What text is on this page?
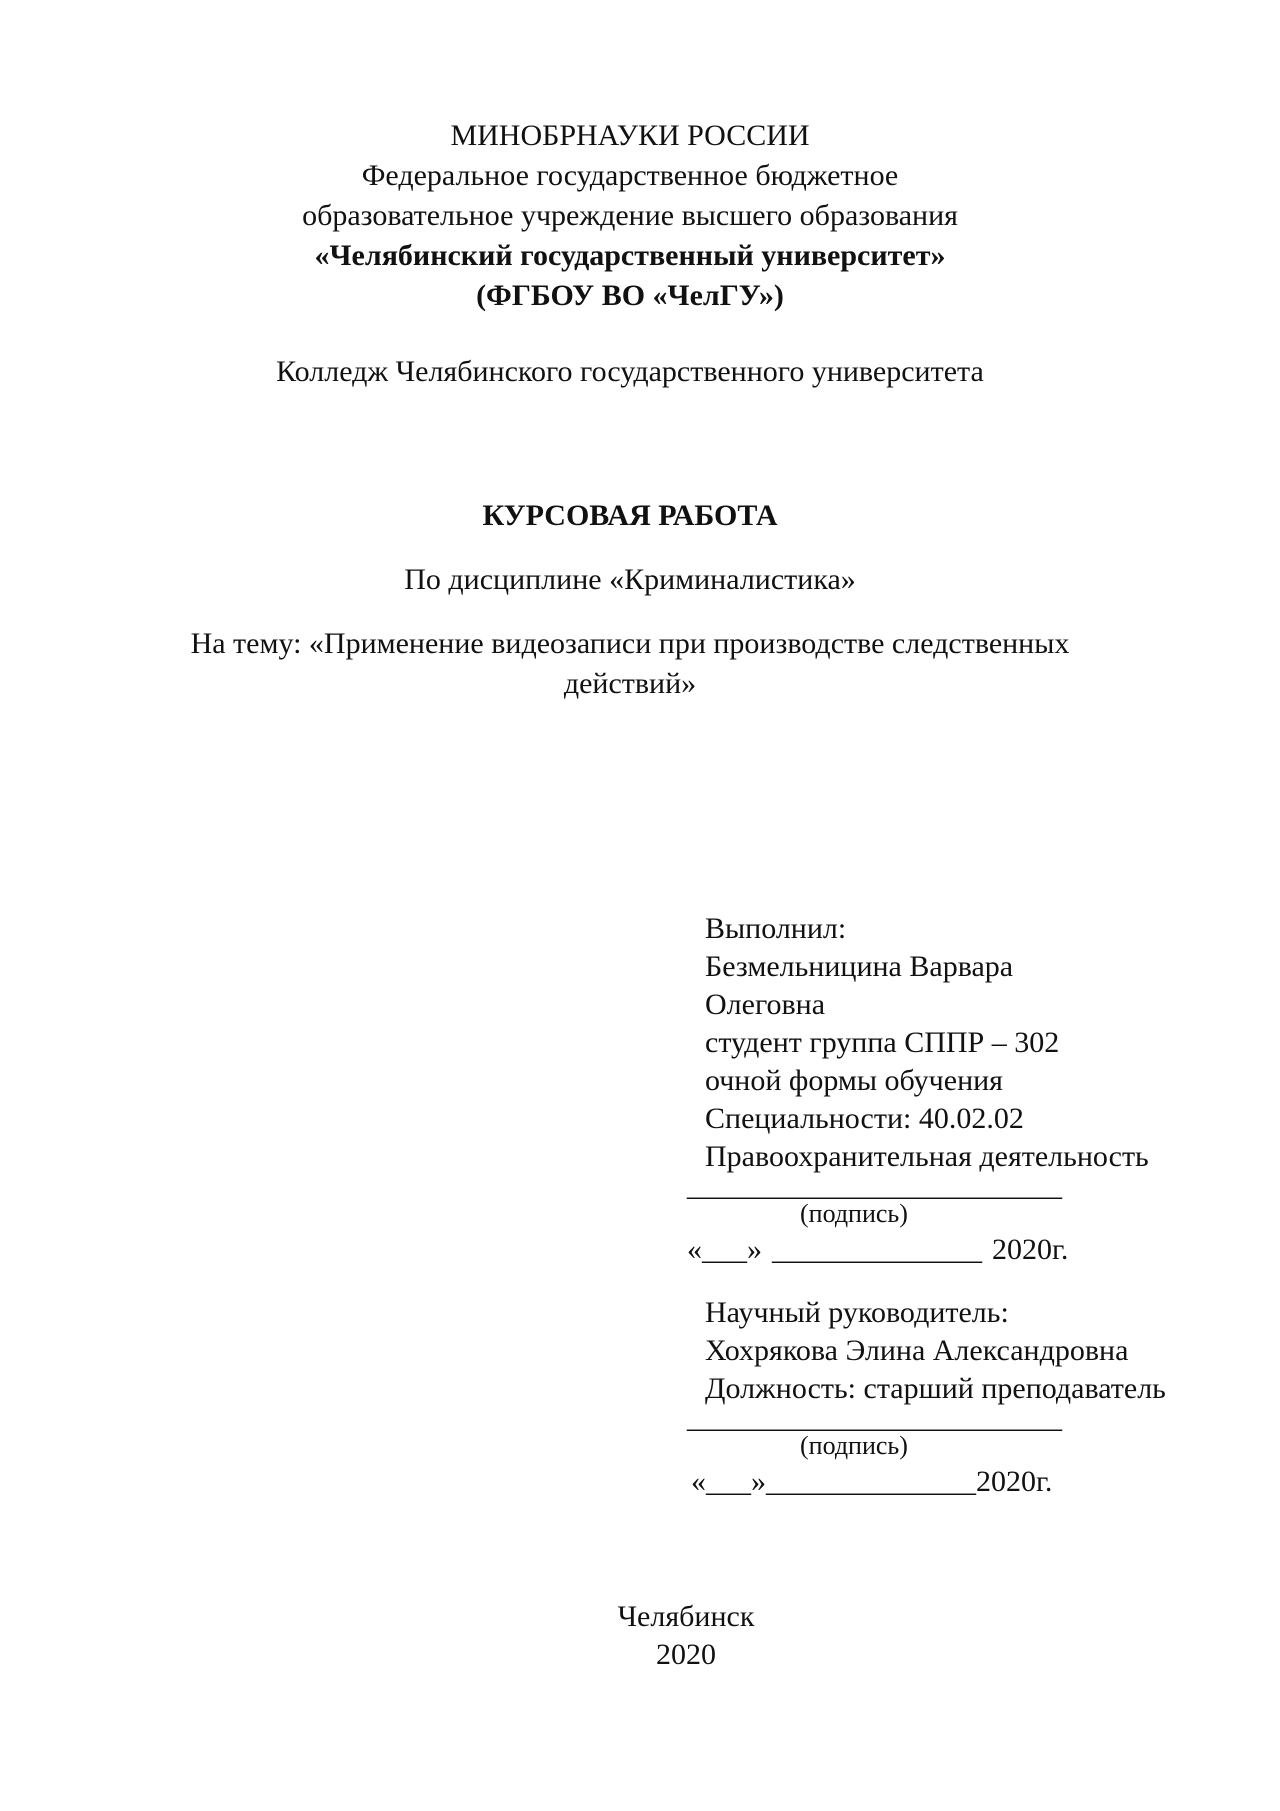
МИНОБРНАУКИ РОССИИ
Федеральное государственное бюджетное
образовательное учреждение высшего образования
«Челябинский государственный университет»
(ФГБОУ ВО «ЧелГУ»)
Колледж Челябинского государственного университета
КУРСОВАЯ РАБОТА
По дисциплине «Криминалистика»
На тему: «Применение видеозаписи при производстве следственных действий»
Выполнил:
Безмельницина Варвара
Олеговна
студент группа СППР – 302
очной формы обучения
Специальности: 40.02.02
Правоохранительная деятельность
_________________________
(подпись)
«___» ______________ 2020г.
Научный руководитель:
Хохрякова Элина Александровна
Должность: старший преподаватель
_________________________
(подпись)
«___»______________2020г.
Челябинск
2020
